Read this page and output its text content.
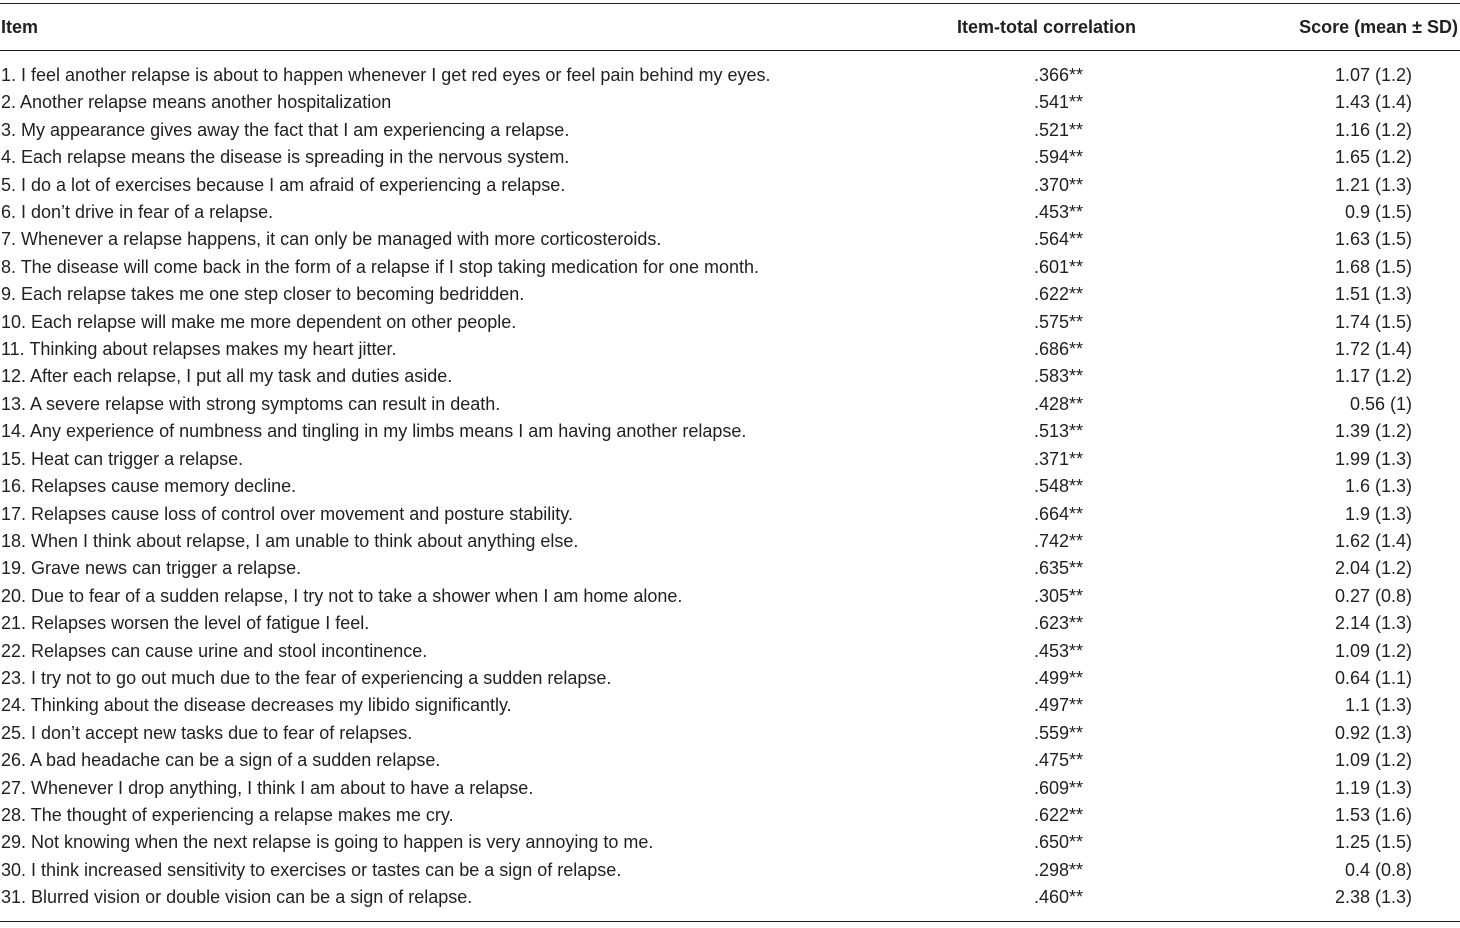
Item	Item-total correlation	Score (mean ± SD)
1. I feel another relapse is about to happen whenever I get red eyes or feel pain behind my eyes.	.366**	1.07 (1.2)
2. Another relapse means another hospitalization	.541**	1.43 (1.4)
3. My appearance gives away the fact that I am experiencing a relapse.	.521**	1.16 (1.2)
4. Each relapse means the disease is spreading in the nervous system.	.594**	1.65 (1.2)
5. I do a lot of exercises because I am afraid of experiencing a relapse.	.370**	1.21 (1.3)
6. I don’t drive in fear of a relapse.	.453**	0.9 (1.5)
7. Whenever a relapse happens, it can only be managed with more corticosteroids.	.564**	1.63 (1.5)
8. The disease will come back in the form of a relapse if I stop taking medication for one month.	.601**	1.68 (1.5)
9. Each relapse takes me one step closer to becoming bedridden.	.622**	1.51 (1.3)
10. Each relapse will make me more dependent on other people.	.575**	1.74 (1.5)
11. Thinking about relapses makes my heart jitter.	.686**	1.72 (1.4)
12. After each relapse, I put all my task and duties aside.	.583**	1.17 (1.2)
13. A severe relapse with strong symptoms can result in death.	.428**	0.56 (1)
14. Any experience of numbness and tingling in my limbs means I am having another relapse.	.513**	1.39 (1.2)
15. Heat can trigger a relapse.	.371**	1.99 (1.3)
16. Relapses cause memory decline.	.548**	1.6 (1.3)
17. Relapses cause loss of control over movement and posture stability.	.664**	1.9 (1.3)
18. When I think about relapse, I am unable to think about anything else.	.742**	1.62 (1.4)
19. Grave news can trigger a relapse.	.635**	2.04 (1.2)
20. Due to fear of a sudden relapse, I try not to take a shower when I am home alone.	.305**	0.27 (0.8)
21. Relapses worsen the level of fatigue I feel.	.623**	2.14 (1.3)
22. Relapses can cause urine and stool incontinence.	.453**	1.09 (1.2)
23. I try not to go out much due to the fear of experiencing a sudden relapse.	.499**	0.64 (1.1)
24. Thinking about the disease decreases my libido significantly.	.497**	1.1 (1.3)
25. I don’t accept new tasks due to fear of relapses.	.559**	0.92 (1.3)
26. A bad headache can be a sign of a sudden relapse.	.475**	1.09 (1.2)
27. Whenever I drop anything, I think I am about to have a relapse.	.609**	1.19 (1.3)
28. The thought of experiencing a relapse makes me cry.	.622**	1.53 (1.6)
29. Not knowing when the next relapse is going to happen is very annoying to me.	.650**	1.25 (1.5)
30. I think increased sensitivity to exercises or tastes can be a sign of relapse.	.298**	0.4 (0.8)
31. Blurred vision or double vision can be a sign of relapse.	.460**	2.38 (1.3)
